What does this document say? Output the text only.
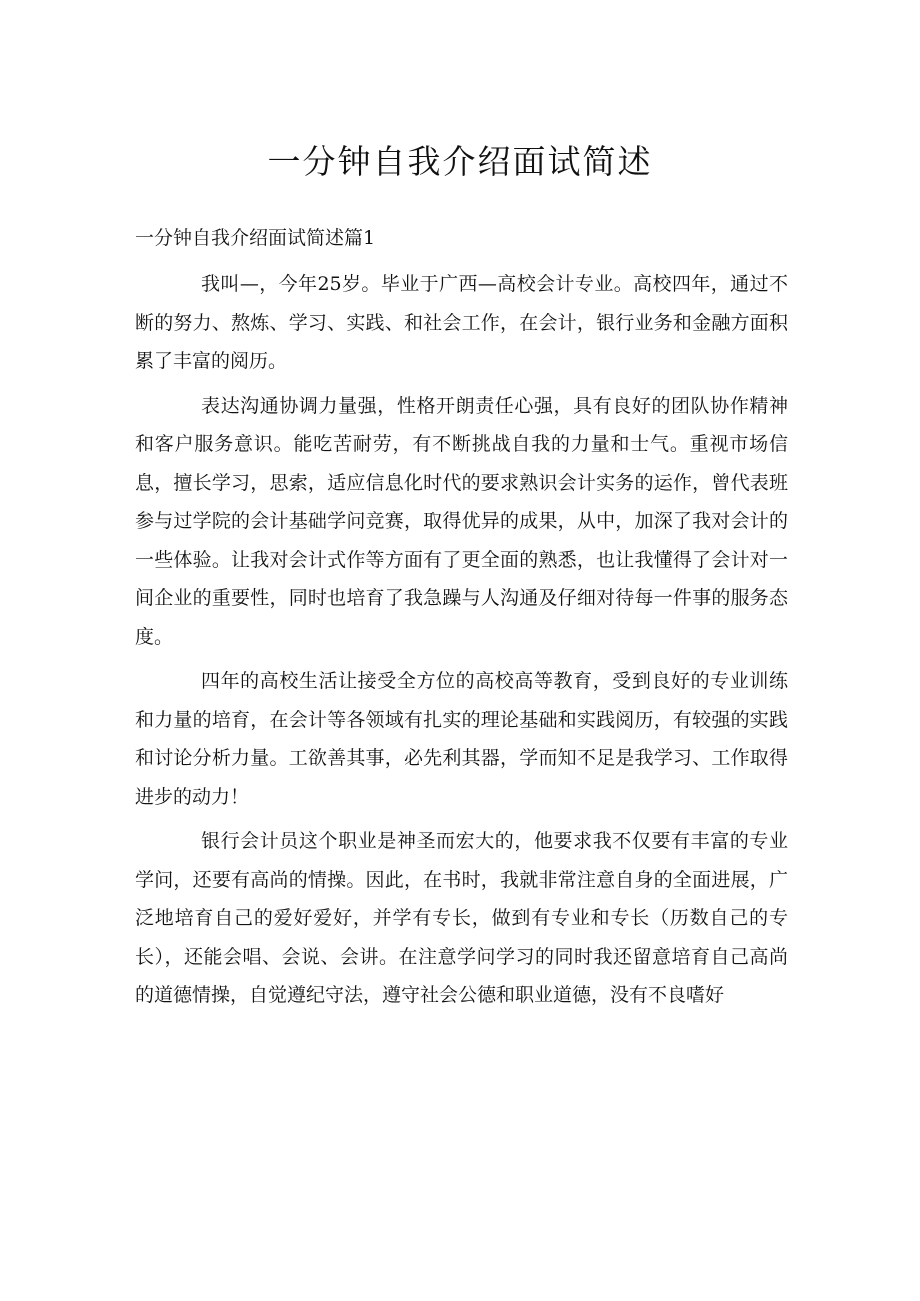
一分钟自我介绍面试简述
一分钟自我介绍面试简述篇1

我叫—，今年25岁。毕业于广西—高校会计专业。高校四年，通过不断的努力、熬炼、学习、实践、和社会工作，在会计，银行业务和金融方面积累了丰富的阅历。

表达沟通协调力量强，性格开朗责任心强，具有良好的团队协作精神和客户服务意识。能吃苦耐劳，有不断挑战自我的力量和士气。重视市场信息，擅长学习，思索，适应信息化时代的要求熟识会计实务的运作，曾代表班参与过学院的会计基础学问竞赛，取得优异的成果，从中，加深了我对会计的一些体验。让我对会计式作等方面有了更全面的熟悉，也让我懂得了会计对一间企业的重要性，同时也培育了我急躁与人沟通及仔细对待每一件事的服务态度。

四年的高校生活让接受全方位的高校高等教育，受到良好的专业训练和力量的培育，在会计等各领域有扎实的理论基础和实践阅历，有较强的实践和讨论分析力量。工欲善其事，必先利其器，学而知不足是我学习、工作取得进步的动力！

银行会计员这个职业是神圣而宏大的，他要求我不仅要有丰富的专业学问，还要有高尚的情操。因此，在书时，我就非常注意自身的全面进展，广泛地培育自己的爱好爱好，并学有专长，做到有专业和专长（历数自己的专长），还能会唱、会说、会讲。在注意学问学习的同时我还留意培育自己高尚的道德情操，自觉遵纪守法，遵守社会公德和职业道德，没有不良嗜好
